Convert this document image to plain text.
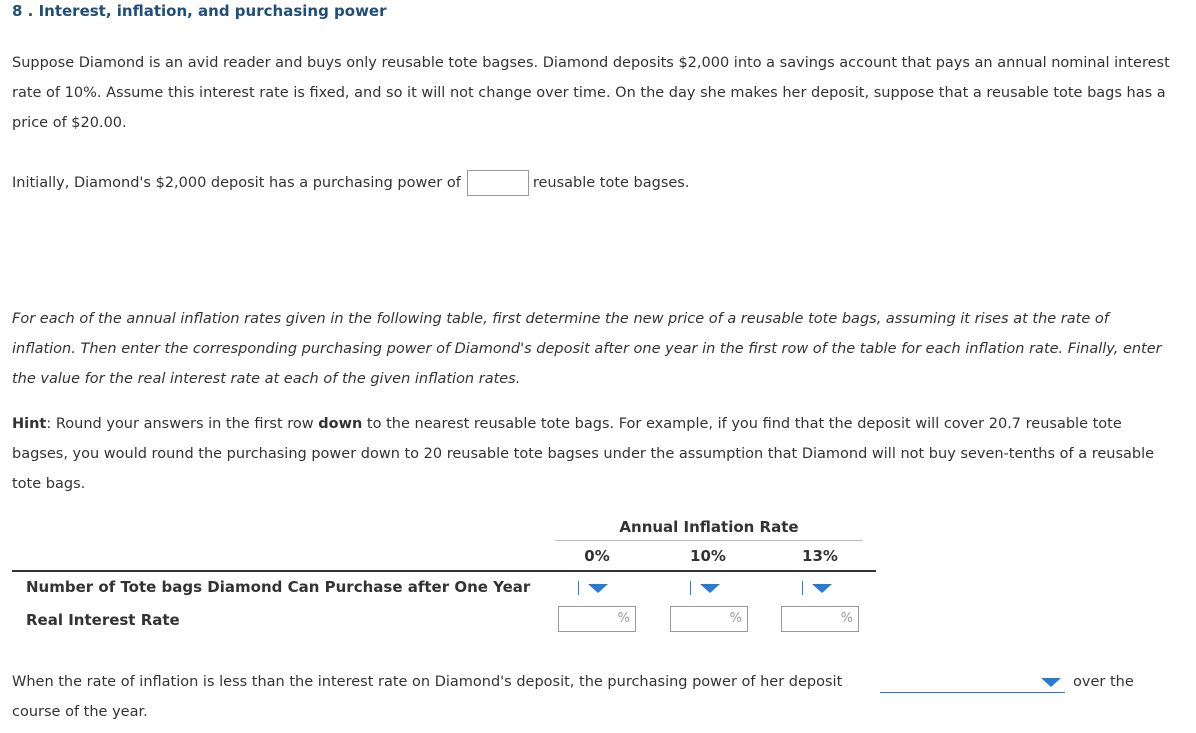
8 . Interest, inflation, and purchasing power

Suppose Diamond is an avid reader and buys only reusable tote bagses. Diamond deposits $2,000 into a savings account that pays an annual nominal interest rate of 10%. Assume this interest rate is fixed, and so it will not change over time. On the day she makes her deposit, suppose that a reusable tote bags has a price of $20.00.

Initially, Diamond's $2,000 deposit has a purchasing power of	reusable tote bagses.

For each of the annual inflation rates given in the following table, first determine the new price of a reusable tote bags, assuming it rises at the rate of inflation. Then enter the corresponding purchasing power of Diamond's deposit after one year in the first row of the table for each inflation rate. Finally, enter the value for the real interest rate at each of the given inflation rates.

Hint: Round your answers in the first row down to the nearest reusable tote bags. For example, if you find that the deposit will cover 20.7 reusable tote bagses, you would round the purchasing power down to 20 reusable tote bagses under the assumption that Diamond will not buy seven-tenths of a reusable tote bags.

Annual Inflation Rate
0%	10%	13%
Number of Tote bags Diamond Can Purchase after One Year
Real Interest Rate	%	%	%

When the rate of inflation is less than the interest rate on Diamond's deposit, the purchasing power of her deposit	over the
course of the year.
